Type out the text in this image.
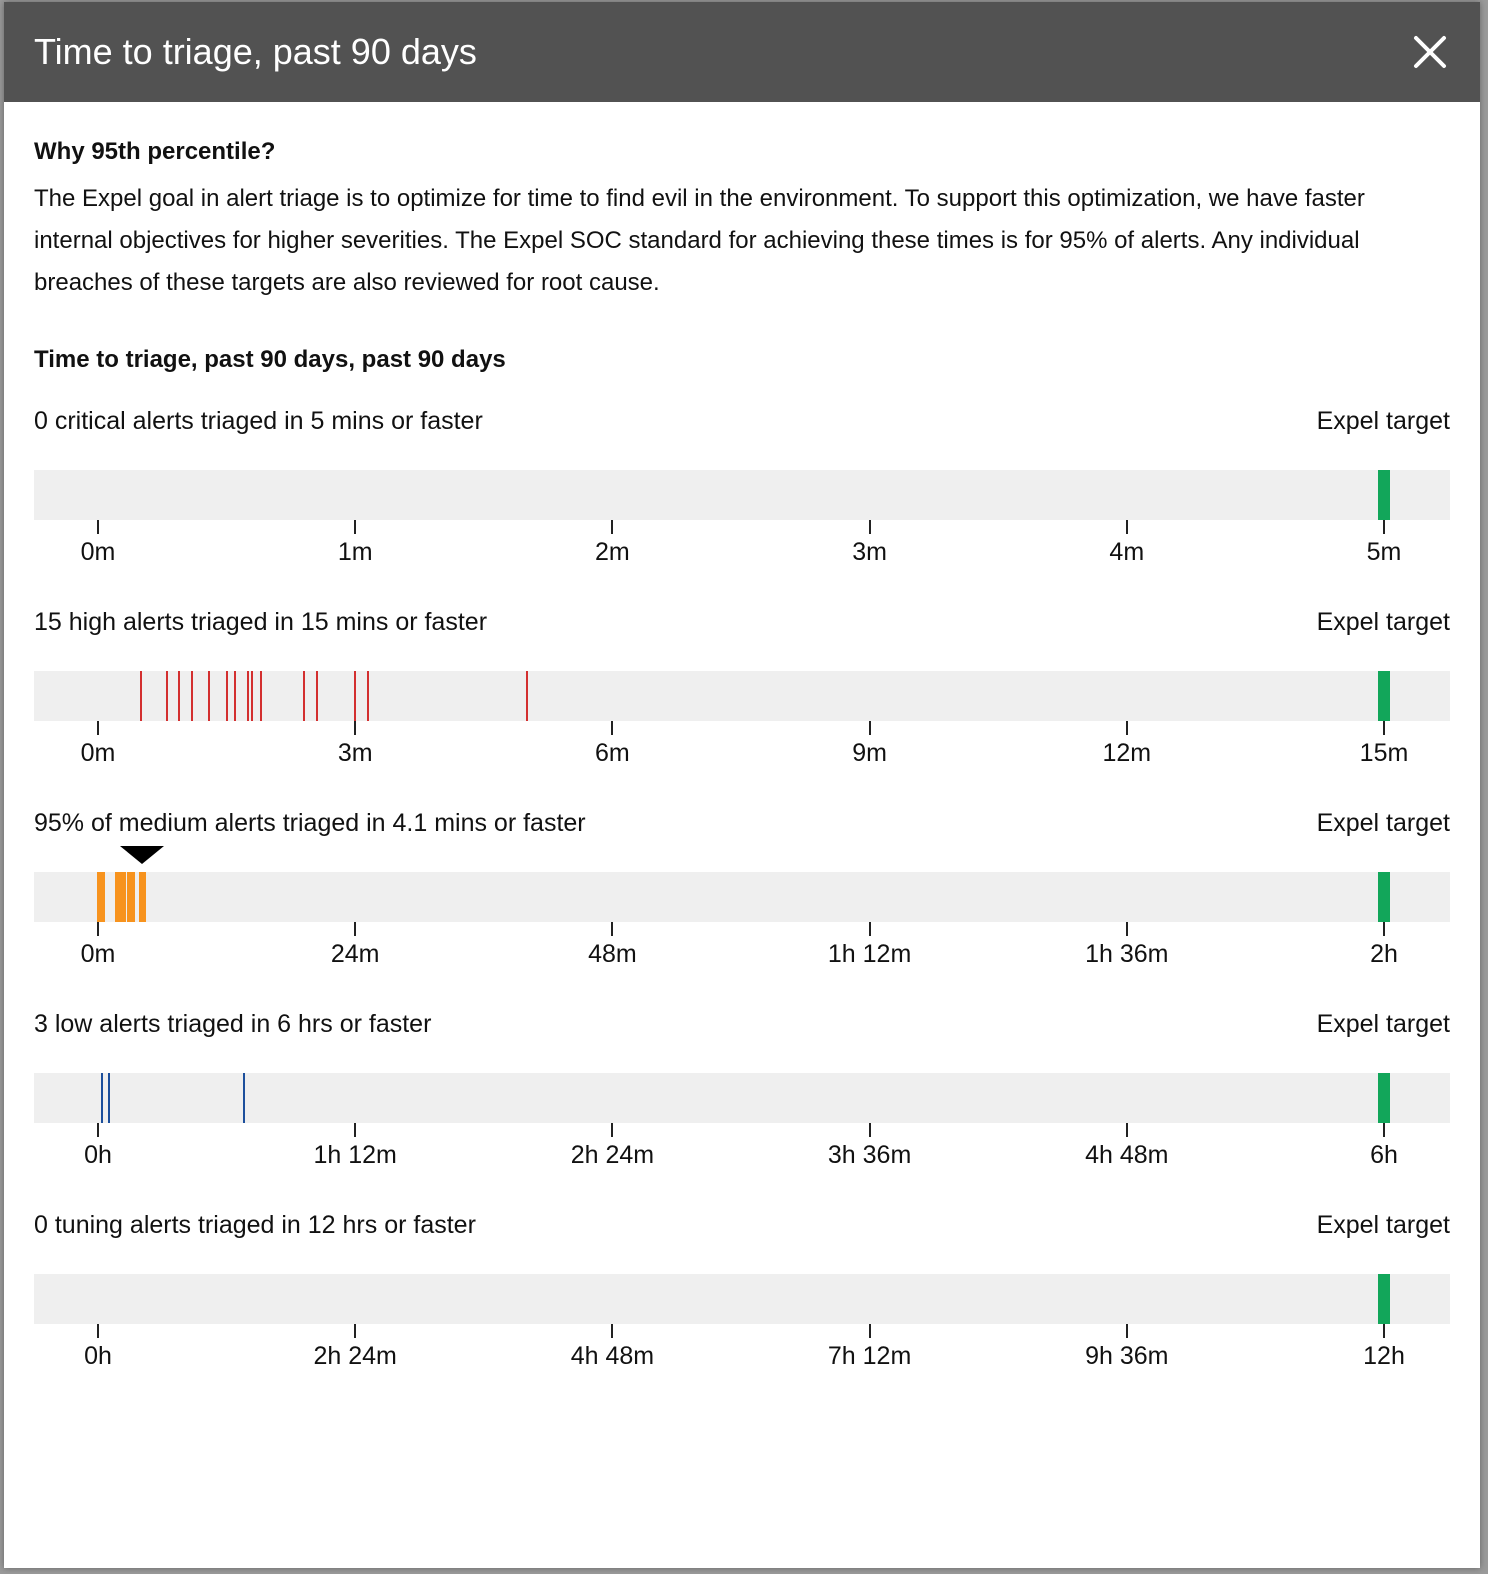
Time to triage, past 90 days
Why 95th percentile?
The Expel goal in alert triage is to optimize for time to find evil in the environment. To support this optimization, we have faster internal objectives for higher severities. The Expel SOC standard for achieving these times is for 95% of alerts. Any individual breaches of these targets are also reviewed for root cause.
Time to triage, past 90 days, past 90 days
0 critical alerts triaged in 5 mins or faster	Expel target
0m	1m	2m	3m	4m	5m
15 high alerts triaged in 15 mins or faster	Expel target
0m	3m	6m	9m	12m	15m
95% of medium alerts triaged in 4.1 mins or faster	Expel target
0m	24m	48m	1h 12m	1h 36m	2h
3 low alerts triaged in 6 hrs or faster	Expel target
0h	1h 12m	2h 24m	3h 36m	4h 48m	6h
0 tuning alerts triaged in 12 hrs or faster	Expel target
0h	2h 24m	4h 48m	7h 12m	9h 36m	12h
